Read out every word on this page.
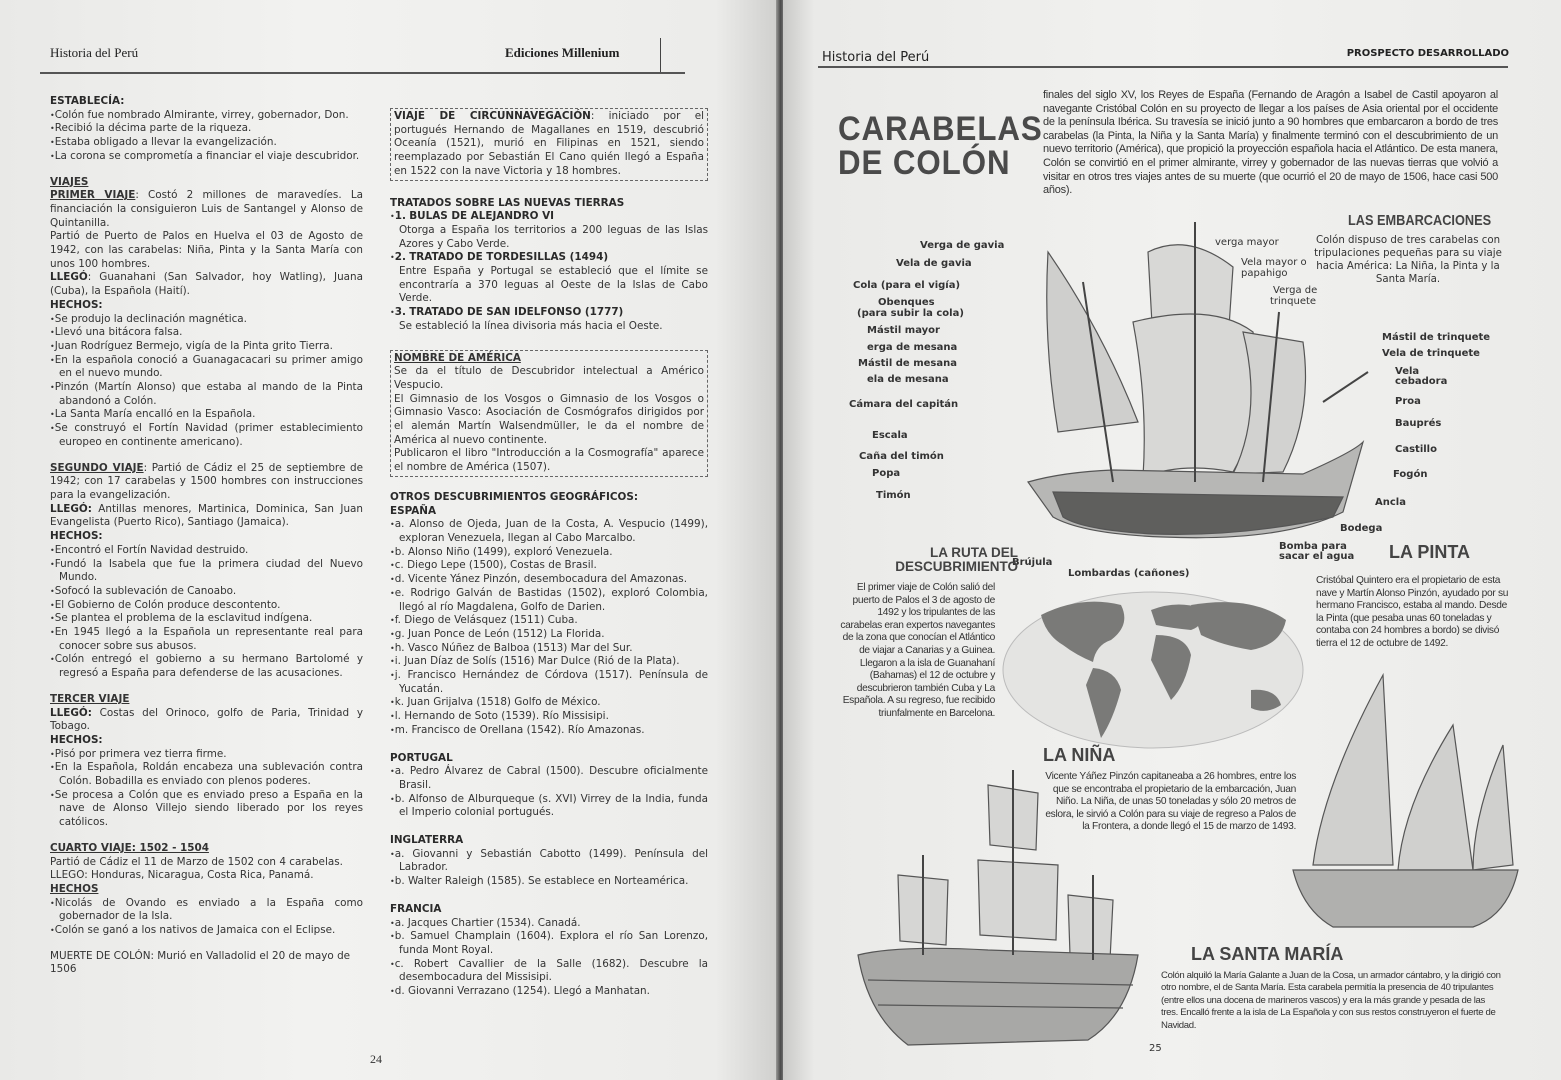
Historia del Perú	Ediciones Millenium

ESTABLECÍA:

• Colón fue nombrado Almirante, virrey, gobernador, Don.
• Recibió la décima parte de la riqueza.
• Estaba obligado a llevar la evangelización.
• La corona se comprometía a financiar el viaje descubridor.

VIAJES

PRIMER VIAJE: Costó 2 millones de maravedíes. La financiación la consiguieron Luis de Santangel y Alonso de Quintanilla.

Partió de Puerto de Palos en Huelva el 03 de Agosto de 1942, con las carabelas: Niña, Pinta y la Santa María con unos 100 hombres.

LLEGÓ: Guanahani (San Salvador, hoy Watling), Juana (Cuba), la Española (Haití).

HECHOS:

• Se produjo la declinación magnética.
• Llevó una bitácora falsa.
• Juan Rodríguez Bermejo, vigía de la Pinta grito Tierra.
• En la española conoció a Guanagacacari su primer amigo en el nuevo mundo.
• Pinzón (Martín Alonso) que estaba al mando de la Pinta abandonó a Colón.
• La Santa María encalló en la Española.
• Se construyó el Fortín Navidad (primer establecimiento europeo en continente americano).

SEGUNDO VIAJE: Partió de Cádiz el 25 de septiembre de 1942; con 17 carabelas y 1500 hombres con instrucciones para la evangelización.

LLEGÓ: Antillas menores, Martinica, Dominica, San Juan Evangelista (Puerto Rico), Santiago (Jamaica).

HECHOS:

• Encontró el Fortín Navidad destruido.
• Fundó la Isabela que fue la primera ciudad del Nuevo Mundo.
• Sofocó la sublevación de Canoabo.
• El Gobierno de Colón produce descontento.
• Se plantea el problema de la esclavitud indígena.
• En 1945 llegó a la Española un representante real para conocer sobre sus abusos.
• Colón entregó el gobierno a su hermano Bartolomé y regresó a España para defenderse de las acusaciones.

TERCER VIAJE

LLEGÓ: Costas del Orinoco, golfo de Paria, Trinidad y Tobago.

HECHOS:

• Pisó por primera vez tierra firme.
• En la Española, Roldán encabeza una sublevación contra Colón. Bobadilla es enviado con plenos poderes.
• Se procesa a Colón que es enviado preso a España en la nave de Alonso Villejo siendo liberado por los reyes católicos.

CUARTO VIAJE: 1502 - 1504

Partió de Cádiz el 11 de Marzo de 1502 con 4 carabelas.

LLEGO: Honduras, Nicaragua, Costa Rica, Panamá.

HECHOS

• Nicolás de Ovando es enviado a la España como gobernador de la Isla.
• Colón se ganó a los nativos de Jamaica con el Eclipse.

MUERTE DE COLÓN: Murió en Valladolid el 20 de mayo de 1506

VIAJE DE CIRCUNNAVEGACIÓN: iniciado por el portugués Hernando de Magallanes en 1519, descubrió Oceanía (1521), murió en Filipinas en 1521, siendo reemplazado por Sebastián El Cano quién llegó a España en 1522 con la nave Victoria y 18 hombres.

TRATADOS SOBRE LAS NUEVAS TIERRAS

• 1. BULAS DE ALEJANDRO VI
Otorga a España los territorios a 200 leguas de las Islas Azores y Cabo Verde.
• 2. TRATADO DE TORDESILLAS (1494)
Entre España y Portugal se estableció que el límite se encontraría a 370 leguas al Oeste de la Islas de Cabo Verde.
• 3. TRATADO DE SAN IDELFONSO (1777)
Se estableció la línea divisoria más hacia el Oeste.

NOMBRE DE AMÉRICA

Se da el título de Descubridor intelectual a Américo Vespucio.

El Gimnasio de los Vosgos o Gimnasio de los Vosgos o Gimnasio Vasco: Asociación de Cosmógrafos dirigidos por el alemán Martín Walsendmüller, le da el nombre de América al nuevo continente.

Publicaron el libro "Introducción a la Cosmografía" aparece el nombre de América (1507).

OTROS DESCUBRIMIENTOS GEOGRÁFICOS:

ESPAÑA

• a. Alonso de Ojeda, Juan de la Costa, A. Vespucio (1499), exploran Venezuela, llegan al Cabo Marcalbo.
• b. Alonso Niño (1499), exploró Venezuela.
• c. Diego Lepe (1500), Costas de Brasil.
• d. Vicente Yánez Pinzón, desembocadura del Amazonas.
• e. Rodrigo Galván de Bastidas (1502), exploró Colombia, llegó al río Magdalena, Golfo de Darien.
• f. Diego de Velásquez (1511) Cuba.
• g. Juan Ponce de León (1512) La Florida.
• h. Vasco Núñez de Balboa (1513) Mar del Sur.
• i. Juan Díaz de Solís (1516) Mar Dulce (Rió de la Plata).
• j. Francisco Hernández de Córdova (1517). Península de Yucatán.
• k. Juan Grijalva (1518) Golfo de México.
• l. Hernando de Soto (1539). Río Missisipi.
• m. Francisco de Orellana (1542). Río Amazonas.

PORTUGAL

• a. Pedro Álvarez de Cabral (1500). Descubre oficialmente Brasil.
• b. Alfonso de Alburqueque (s. XVI) Virrey de la India, funda el Imperio colonial portugués.

INGLATERRA

• a. Giovanni y Sebastián Cabotto (1499). Península del Labrador.
• b. Walter Raleigh (1585). Se establece en Norteamérica.

FRANCIA

• a. Jacques Chartier (1534). Canadá.
• b. Samuel Champlain (1604). Explora el río San Lorenzo, funda Mont Royal.
• c. Robert Cavallier de la Salle (1682). Descubre la desembocadura del Missisipi.
• d. Giovanni Verrazano (1254). Llegó a Manhatan.
24
Historia del Perú	PROSPECTO DESARROLLADO
CARABELAS
DE COLÓN
finales del siglo XV, los Reyes de España (Fernando de Aragón a Isabel de Castil apoyaron al navegante Cristóbal Colón en su proyecto de llegar a los países de Asia oriental por el occidente de la península Ibérica. Su travesía se inició junto a 90 hombres que embarcaron a bordo de tres carabelas (la Pinta, la Niña y la Santa María) y finalmente terminó con el descubrimiento de un nuevo territorio (América), que propició la proyección española hacia el Atlántico. De esta manera, Colón se convirtió en el primer almirante, virrey y gobernador de las nuevas tierras que volvió a visitar en otros tres viajes antes de su muerte (que ocurrió el 20 de mayo de 1506, hace casi 500 años).
LAS EMBARCACIONES
Colón dispuso de tres carabelas con tripulaciones pequeñas para su viaje hacia América: La Niña, la Pinta y la Santa María.
Verga de gavia
Vela de gavia
Cola (para el vigía)
Obenques
(para subir la cola)
Mástil mayor
erga de mesana
Mástil de mesana
ela de mesana
Cámara del capitán
Escala
Caña del timón
Popa
Timón
verga mayor
Vela mayor o
papahigo
Verga de
trinquete
Mástil de trinquete
Vela de trinquete
Vela
cebadora
Proa
Bauprés
Castillo
Fogón
Ancla
Bodega
Bomba para
sacar el agua
Brújula
Lombardas (cañones)
LA RUTA DEL
DESCUBRIMIENTO
El primer viaje de Colón salió del puerto de Palos el 3 de agosto de 1492 y los tripulantes de las carabelas eran expertos navegantes de la zona que conocían el Atlántico de viajar a Canarias y a Guinea. Llegaron a la isla de Guanahaní (Bahamas) el 12 de octubre y descubrieron también Cuba y La Española. A su regreso, fue recibido triunfalmente en Barcelona.
LA PINTA
Cristóbal Quintero era el propietario de esta nave y Martín Alonso Pinzón, ayudado por su hermano Francisco, estaba al mando. Desde la Pinta (que pesaba unas 60 toneladas y contaba con 24 hombres a bordo) se divisó tierra el 12 de octubre de 1492.
LA NIÑA
Vicente Yáñez Pinzón capitaneaba a 26 hombres, entre los que se encontraba el propietario de la embarcación, Juan Niño. La Niña, de unas 50 toneladas y sólo 20 metros de eslora, le sirvió a Colón para su viaje de regreso a Palos de la Frontera, a donde llegó el 15 de marzo de 1493.
LA SANTA MARÍA
Colón alquiló la María Galante a Juan de la Cosa, un armador cántabro, y la dirigió con otro nombre, el de Santa María. Esta carabela permitía la presencia de 40 tripulantes (entre ellos una docena de marineros vascos) y era la más grande y pesada de las tres. Encalló frente a la isla de La Española y con sus restos construyeron el fuerte de Navidad.
25
